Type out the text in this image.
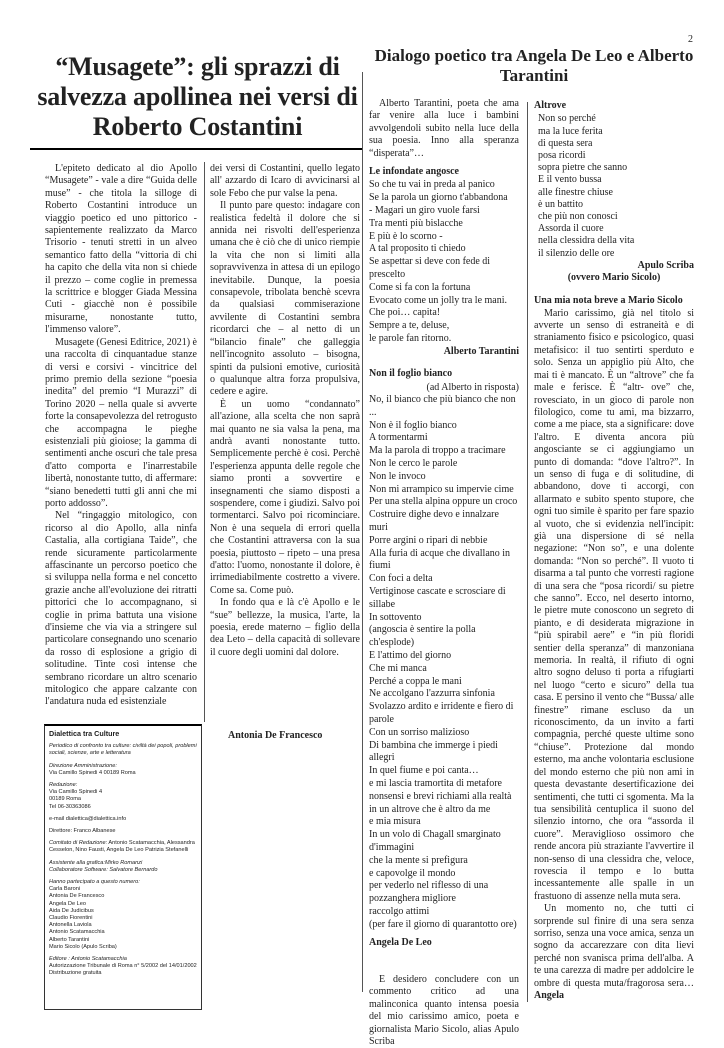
2
“Musagete”: gli sprazzi di salvezza apollinea nei versi di Roberto Costantini

L'epiteto dedicato al dio Apollo “Musagete” - vale a dire “Guida delle muse” - che titola la silloge di Roberto Costantini introduce un viaggio poetico ed uno pittorico - sapientemente realizzato da Marco Trisorio - tenuti stretti in un alveo semantico fatto della “vittoria di chi ha capito che della vita non si chiede il prezzo – come coglie in premessa la scrittrice e blogger Giada Messina Cuti - giacchè non è possibile misurarne, nonostante tutto, l'immenso valore”.

Musagete (Genesi Editrice, 2021) è una raccolta di cinquantadue stanze di versi e corsivi - vincitrice del primo premio della sezione “poesia inedita” del premio “I Murazzi” di Torino 2020 – nella quale si avverte forte la consapevolezza del retrogusto che accompagna le pieghe esistenziali più gioiose; la gamma di sentimenti anche oscuri che tale presa d'atto comporta e l'inarrestabile libertà, nonostante tutto, di affermare: “siano benedetti tutti gli anni che mi porto addosso”.

Nel “ringaggio mitologico, con ricorso al dio Apollo, alla ninfa Castalia, alla cortigiana Taide”, che rende sicuramente particolarmente affascinante un percorso poetico che si sviluppa nella forma e nel concetto grazie anche all'evoluzione dei ritratti pittorici che lo accompagnano, si coglie in prima battuta una visione d'insieme che via via a stringere sul particolare consegnando uno scenario da rosso di esplosione a grigio di solitudine. Tinte così intense che sembrano ricordare un altro scenario mitologico che appare calzante con l'andatura nuda ed esistenziale

dei versi di Costantini, quello legato all' azzardo di Icaro di avvicinarsi al sole Febo che pur valse la pena.

Il punto pare questo: indagare con realistica fedeltà il dolore che si annida nei risvolti dell'esperienza umana che è ciò che di unico riempie la vita che non si limiti alla sopravvivenza in attesa di un epilogo inevitabile. Dunque, la poesia consapevole, tribolata benchè scevra da qualsiasi commiserazione avvilente di Costantini sembra ricordarci che – al netto di un “bilancio finale” che galleggia nell'incognito assoluto – bisogna, spinti da pulsioni emotive, curiosità o qualunque altra forza propulsiva, cedere e agire.

È un uomo “condannato” all'azione, alla scelta che non saprà mai quanto ne sia valsa la pena, ma andrà avanti nonostante tutto. Semplicemente perchè è così. Perchè l'esperienza appunta delle regole che siamo pronti a sovvertire e insegnamenti che siamo disposti a sospendere, come i giudizi. Salvo poi tormentarci. Salvo poi ricominciare. Non è una sequela di errori quella che Costantini attraversa con la sua poesia, piuttosto – ripeto – una presa d'atto: l'uomo, nonostante il dolore, è irrimediabilmente costretto a vivere. Come sa. Come può.

In fondo qua e là c'è Apollo e le “sue” bellezze, la musica, l'arte, la poesia, erede materno – figlio della dea Leto – della capacità di sollevare il cuore degli uomini dal dolore.

Antonia De Francesco
Dialettica tra Culture
Periodico di confronto tra culture: civiltà dei popoli, problemi sociali, scienze, arte e letteratura
Direzione Amministrazione:
Via Camillo Spinedi 4 00189 Roma
Redazione:
Via Camillo Spinedi 4
00189 Roma
Tel 06-30363086
e-mail dialettica@dialettica.info
Direttore: Franco Albanese
Comitato di Redazione: Antonio Scatamacchia, Alessandra Cesselon, Nino Fausti, Angela De Leo Patrizia Stefanelli
Assistente alla grafica:Mirko Romanzi
Collaboratore Software: Salvatore Bernardo
Hanno partecipato a questo numero:
Carla Baroni
Antonia De Francesco
Angela De Leo
Aida De Judicibus
Claudio Fiorentini
Antonella Laviola
Antonio Scatamacchia
Alberto Tarantini
Mario Sicolo (Apulo Scriba)
Editore : Antonio Scatamacchia
Autorizzazione Tribunale di Roma n° 5/2002 del 14/01/2002
Distribuzione gratuita
Dialogo poetico tra Angela De Leo e Alberto Tarantini

Alberto Tarantini, poeta che ama far venire alla luce i bambini avvolgendoli subito nella luce della sua poesia. Inno alla speranza “disperata”…

Le infondate angosce
So che tu vai in preda al panico
Se la parola un giorno t'abbandona
- Magari un giro vuole farsi
Tra menti più bislacche
E più è lo scorno -
A tal proposito ti chiedo
Se aspettar si deve con fede di prescelto
Come si fa con la fortuna
Evocato come un jolly tra le mani.
Che poi… capita!
Sempre a te, deluse,
le parole fan ritorno.
Alberto Tarantini
Non il foglio bianco
(ad Alberto in risposta)
No, il bianco che più bianco che non ...
Non è il foglio bianco
A tormentarmi
Ma la parola di troppo a tracimare
Non le cerco le parole
Non le invoco
Non mi arrampico su impervie cime
Per una stella alpina oppure un croco
Costruire dighe devo e innalzare muri
Porre argini o ripari di nebbie
Alla furia di acque che divallano in fiumi
Con foci a delta
Vertiginose cascate e scrosciare di sillabe
In sottovento
(angoscia è sentire la polla ch'esplode)
E l'attimo del giorno
Che mi manca
Perché a coppa le mani
Ne accolgano l'azzurra sinfonia
Svolazzo ardito e irridente e fiero di parole
Con un sorriso malizioso
Di bambina che immerge i piedi allegri
In quel fiume e poi canta…
e mi lascia tramortita di metafore
nonsensi e brevi richiami alla realtà
in un altrove che è altro da me
e mia misura
In un volo di Chagall smarginato d'immagini
che la mente si prefigura
e capovolge il mondo
per vederlo nel riflesso di una pozzanghera migliore
raccolgo attimi
(per fare il giorno di quarantotto ore)
Angela De Leo

E desidero concludere con un commento critico ad una malinconica quanto intensa poesia del mio carissimo amico, poeta e giornalista Mario Sicolo, alias Apulo Scriba

Altrove
Non so perché
ma la luce ferita
di questa sera
posa ricordi
sopra pietre che sanno
E il vento bussa
alle finestre chiuse
è un battito
che più non conosci
Assorda il cuore
nella clessidra della vita
il silenzio delle ore
Apulo Scriba
(ovvero Mario Sicolo)
Una mia nota breve a Mario Sicolo

Mario carissimo, già nel titolo si avverte un senso di estraneità e di straniamento fisico e psicologico, quasi metafisico: il tuo sentirti sperduto e solo. Senza un appiglio più Alto, che mai ti è mancato. È un “altrove” che fa male e ferisce. È “altr- ove” che, rovesciato, in un gioco di parole non filologico, come tu ami, ma bizzarro, come a me piace, sta a significare: dove l'altro. E diventa ancora più angosciante se ci aggiungiamo un punto di domanda: “dove l'altro?”. In un senso di fuga e di solitudine, di abbandono, dove ti accorgi, con allarmato e subito spento stupore, che ogni tuo simile è sparito per fare spazio al vuoto, che si evidenzia nell'incipit: già una dispersione di sé nella negazione: “Non so”, e una dolente domanda: “Non so perché”. Il vuoto ti disarma a tal punto che vorresti ragione di una sera che “posa ricordi/ su pietre che sanno”. Ecco, nel deserto intorno, le pietre mute conoscono un segreto di pianto, e di desiderata migrazione in “più spirabil aere” e “in più floridi sentier della speranza” di manzoniana memoria. In realtà, il rifiuto di ogni altro sogno deluso ti porta a rifugiarti nel luogo “certo e sicuro” della tua casa. E persino il vento che “Bussa/ alle finestre” rimane escluso da un riconoscimento, da un invito a farti compagnia, perché queste ultime sono “chiuse”. Protezione dal mondo esterno, ma anche volontaria esclusione del mondo esterno che più non ami in questa devastante desertificazione dei sentimenti, che tutti ci sgomenta. Ma la tua sensibilità centuplica il suono del silenzio intorno, che ora “assorda il cuore”. Meraviglioso ossimoro che rende ancora più straziante l'avvertire il non-senso di una clessidra che, veloce, rovescia il tempo e lo butta incessantemente alle spalle in un frastuono di assenze nella muta sera.

Un momento no, che tutti ci sorprende sul finire di una sera senza sorriso, senza una voce amica, senza un sogno da accarezzare con dita lievi perché non svanisca prima dell'alba. A te una carezza di madre per addolcire le ombre di questa muta/fragorosa sera… Angela
